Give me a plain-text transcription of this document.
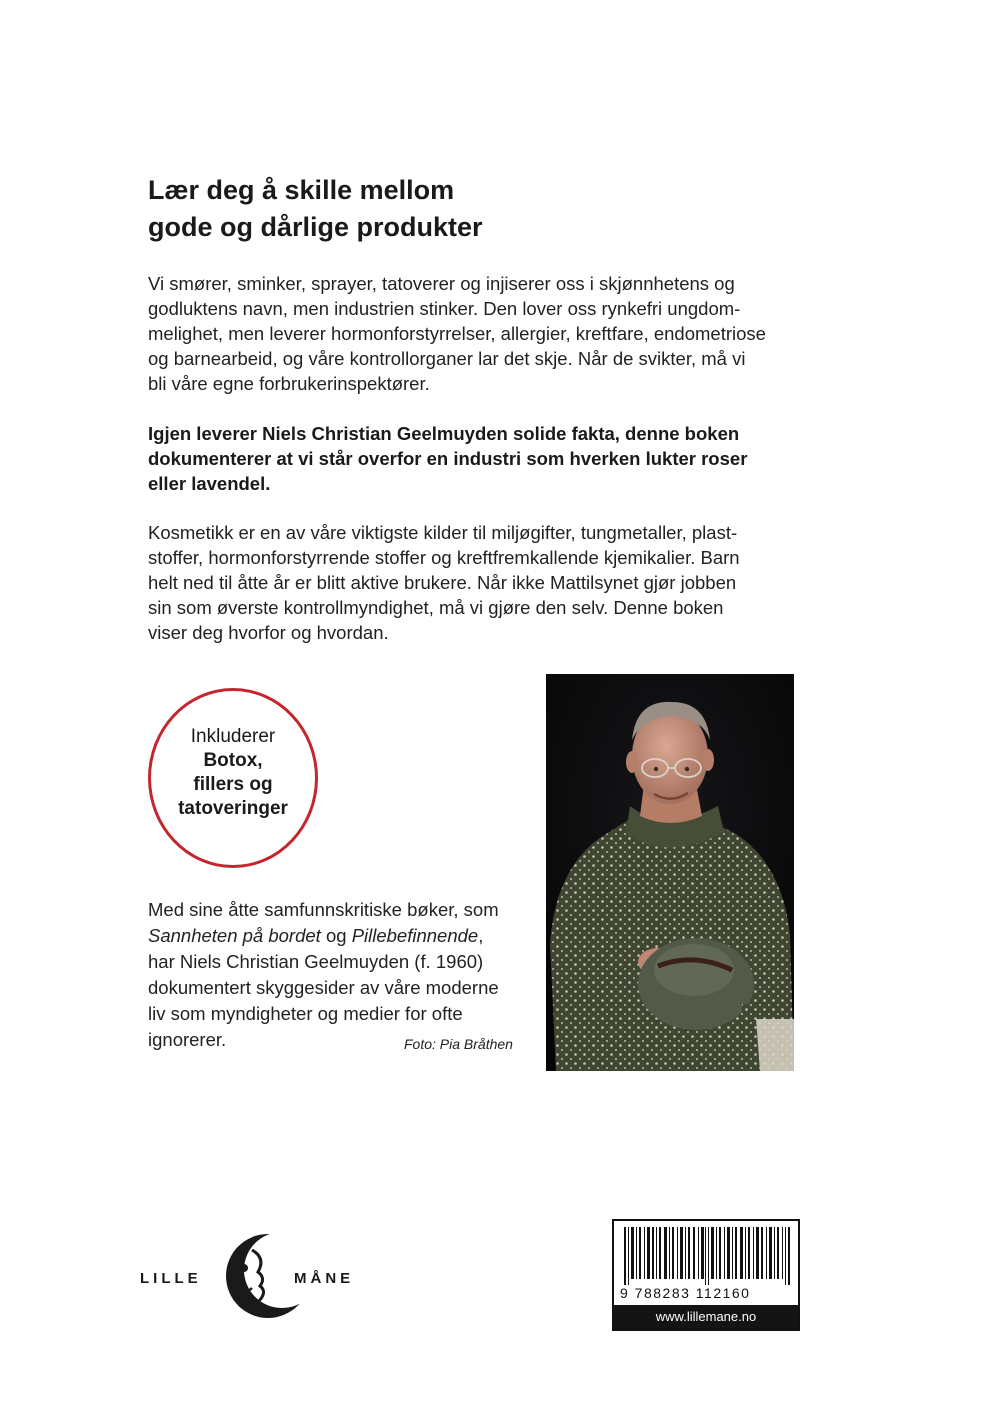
Lær deg å skille mellom
gode og dårlige produkter

Vi smører, sminker, sprayer, tatoverer og injiserer oss i skjønnhetens og
godluktens navn, men industrien stinker. Den lover oss rynkefri ungdom-
melighet, men leverer hormonforstyrrelser, allergier, kreftfare, endometriose
og barnearbeid, og våre kontrollorganer lar det skje. Når de svikter, må vi
bli våre egne forbrukerinspektører.

Igjen leverer Niels Christian Geelmuyden solide fakta, denne boken
dokumenterer at vi står overfor en industri som hverken lukter roser
eller lavendel.

Kosmetikk er en av våre viktigste kilder til miljøgifter, tungmetaller, plast-
stoffer, hormonforstyrrende stoffer og kreftfremkallende kjemikalier. Barn
helt ned til åtte år er blitt aktive brukere. Når ikke Mattilsynet gjør jobben
sin som øverste kontrollmyndighet, må vi gjøre den selv. Denne boken
viser deg hvorfor og hvordan.

Inkluderer
Botox,
fillers og
tatoveringer

Med sine åtte samfunnskritiske bøker, som
Sannheten på bordet og Pillebefinnende,
har Niels Christian Geelmuyden (f. 1960)
dokumentert skyggesider av våre moderne
liv som myndigheter og medier for ofte
ignorerer.	Foto: Pia Bråthen
LILLE	MÅNE
9 788283 112160
www.lillemane.no
